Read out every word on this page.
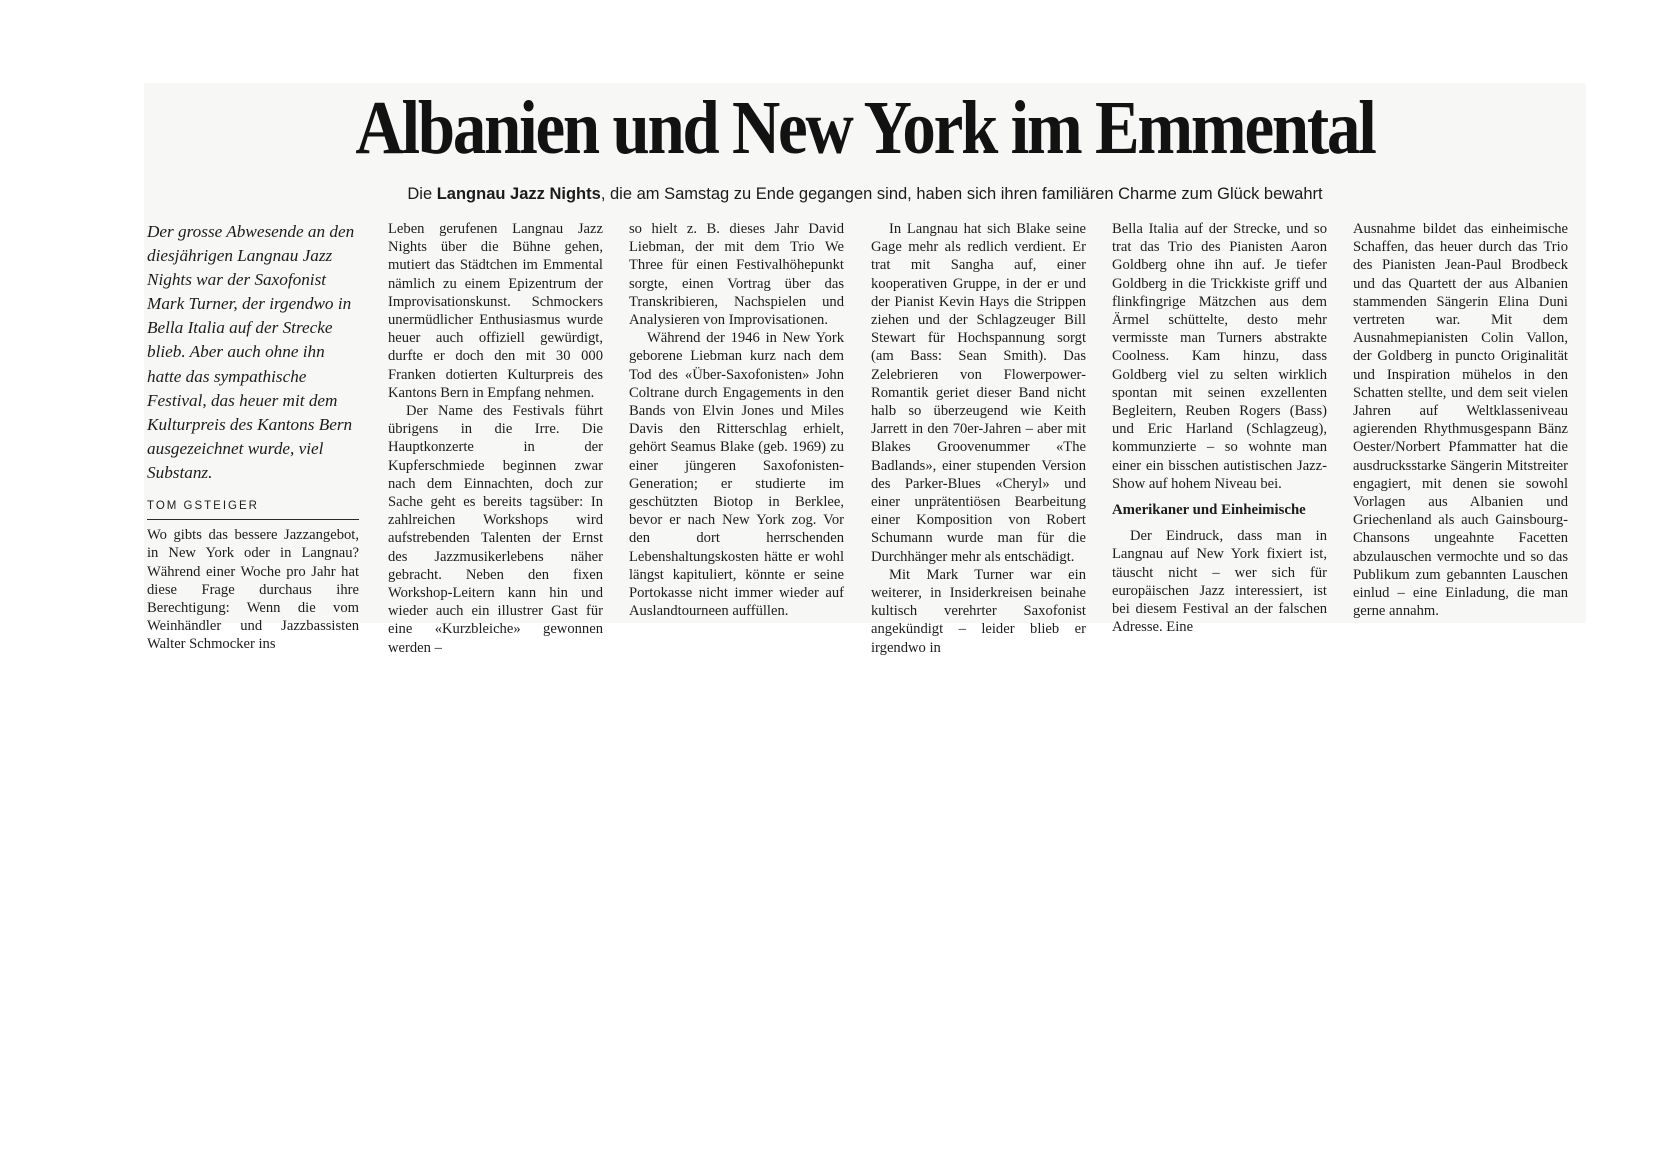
Albanien und New York im Emmental
Die Langnau Jazz Nights, die am Samstag zu Ende gegangen sind, haben sich ihren familiären Charme zum Glück bewahrt

Der grosse Abwesende an den diesjährigen Langnau Jazz Nights war der Saxofonist Mark Turner, der irgendwo in Bella Italia auf der Strecke blieb. Aber auch ohne ihn hatte das sympathische Festival, das heuer mit dem Kulturpreis des Kantons Bern ausgezeichnet wurde, viel Substanz.

TOM GSTEIGER

Wo gibts das bessere Jazzangebot, in New York oder in Langnau? Während einer Woche pro Jahr hat diese Frage durchaus ihre Berechtigung: Wenn die vom Weinhändler und Jazzbassisten Walter Schmocker ins

Leben gerufenen Langnau Jazz Nights über die Bühne gehen, mutiert das Städtchen im Emmental nämlich zu einem Epizentrum der Improvisationskunst. Schmockers unermüdlicher Enthusiasmus wurde heuer auch offiziell gewürdigt, durfte er doch den mit 30 000 Franken dotierten Kulturpreis des Kantons Bern in Empfang nehmen.

Der Name des Festivals führt übrigens in die Irre. Die Hauptkonzerte in der Kupferschmiede beginnen zwar nach dem Einnachten, doch zur Sache geht es bereits tagsüber: In zahlreichen Workshops wird aufstrebenden Talenten der Ernst des Jazzmusikerlebens näher gebracht. Neben den fixen Workshop-Leitern kann hin und wieder auch ein illustrer Gast für eine «Kurzbleiche» gewonnen werden –

so hielt z. B. dieses Jahr David Liebman, der mit dem Trio We Three für einen Festivalhöhepunkt sorgte, einen Vortrag über das Transkribieren, Nachspielen und Analysieren von Improvisationen.

Während der 1946 in New York geborene Liebman kurz nach dem Tod des «Über-Saxofonisten» John Coltrane durch Engagements in den Bands von Elvin Jones und Miles Davis den Ritterschlag erhielt, gehört Seamus Blake (geb. 1969) zu einer jüngeren Saxofonisten-Generation; er studierte im geschützten Biotop in Berklee, bevor er nach New York zog. Vor den dort herrschenden Lebenshaltungskosten hätte er wohl längst kapituliert, könnte er seine Portokasse nicht immer wieder auf Auslandtourneen auffüllen.

In Langnau hat sich Blake seine Gage mehr als redlich verdient. Er trat mit Sangha auf, einer kooperativen Gruppe, in der er und der Pianist Kevin Hays die Strippen ziehen und der Schlagzeuger Bill Stewart für Hochspannung sorgt (am Bass: Sean Smith). Das Zelebrieren von Flowerpower-Romantik geriet dieser Band nicht halb so überzeugend wie Keith Jarrett in den 70er-Jahren – aber mit Blakes Groovenummer «The Badlands», einer stupenden Version des Parker-Blues «Cheryl» und einer unprätentiösen Bearbeitung einer Komposition von Robert Schumann wurde man für die Durchhänger mehr als entschädigt.

Mit Mark Turner war ein weiterer, in Insiderkreisen beinahe kultisch verehrter Saxofonist angekündigt – leider blieb er irgendwo in

Bella Italia auf der Strecke, und so trat das Trio des Pianisten Aaron Goldberg ohne ihn auf. Je tiefer Goldberg in die Trickkiste griff und flinkfingrige Mätzchen aus dem Ärmel schüttelte, desto mehr vermisste man Turners abstrakte Coolness. Kam hinzu, dass Goldberg viel zu selten wirklich spontan mit seinen exzellenten Begleitern, Reuben Rogers (Bass) und Eric Harland (Schlagzeug), kommunzierte – so wohnte man einer ein bisschen autistischen Jazz-Show auf hohem Niveau bei.

Amerikaner und Einheimische

Der Eindruck, dass man in Langnau auf New York fixiert ist, täuscht nicht – wer sich für europäischen Jazz interessiert, ist bei diesem Festival an der falschen Adresse. Eine

Ausnahme bildet das einheimische Schaffen, das heuer durch das Trio des Pianisten Jean-Paul Brodbeck und das Quartett der aus Albanien stammenden Sängerin Elina Duni vertreten war. Mit dem Ausnahmepianisten Colin Vallon, der Goldberg in puncto Originalität und Inspiration mühelos in den Schatten stellte, und dem seit vielen Jahren auf Weltklasseniveau agierenden Rhythmusgespann Bänz Oester/Norbert Pfammatter hat die ausdrucksstarke Sängerin Mitstreiter engagiert, mit denen sie sowohl Vorlagen aus Albanien und Griechenland als auch Gainsbourg-Chansons ungeahnte Facetten abzulauschen vermochte und so das Publikum zum gebannten Lauschen einlud – eine Einladung, die man gerne annahm.
